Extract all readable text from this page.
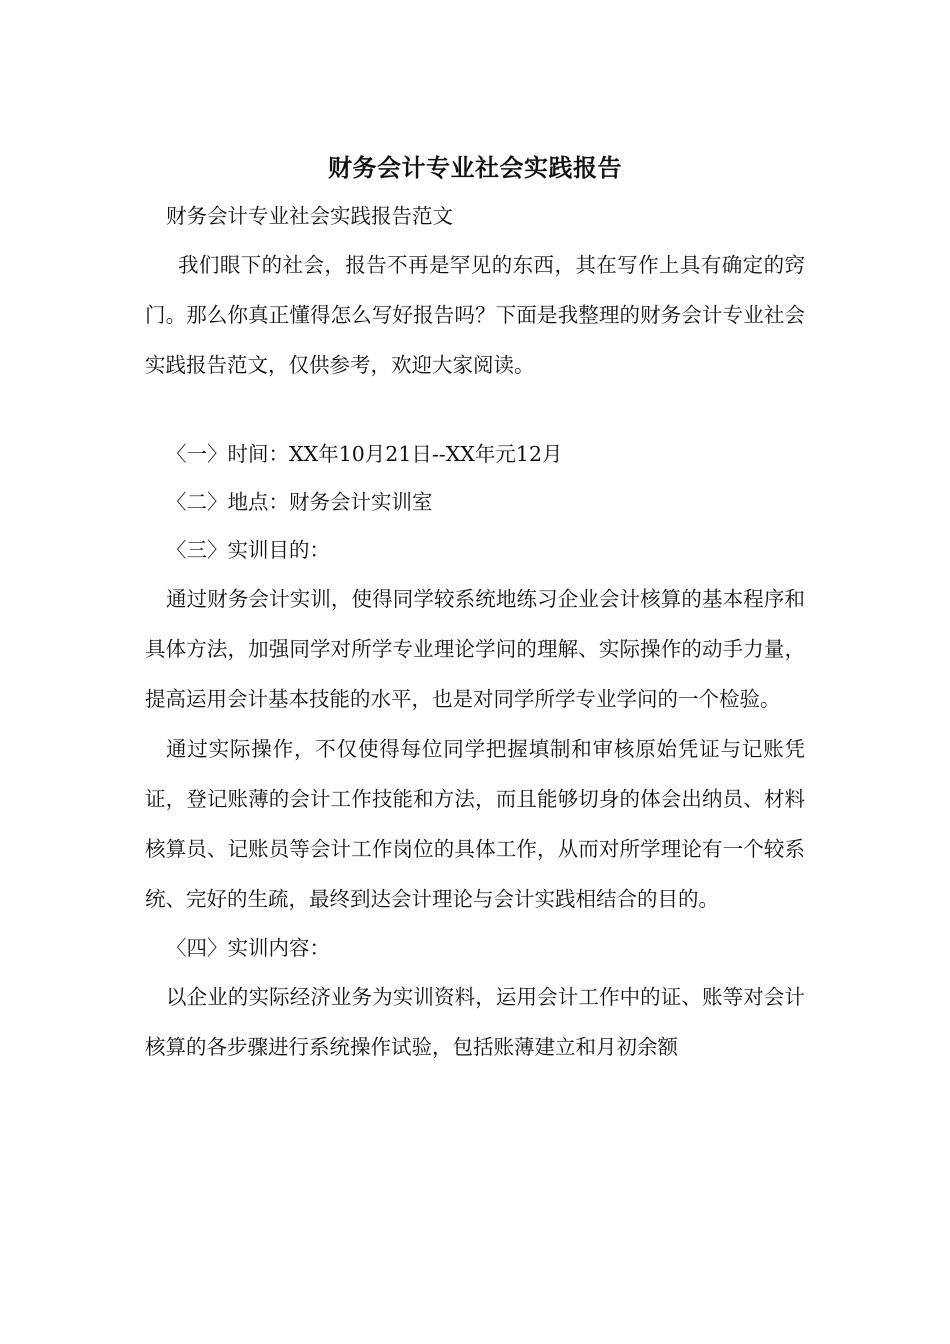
财务会计专业社会实践报告

财务会计专业社会实践报告范文

我们眼下的社会，报告不再是罕见的东西，其在写作上具有确定的窍门。那么你真正懂得怎么写好报告吗？下面是我整理的财务会计专业社会实践报告范文，仅供参考，欢迎大家阅读。

〈一〉时间：XX年10月21日--XX年元12月

〈二〉地点：财务会计实训室

〈三〉实训目的：

通过财务会计实训，使得同学较系统地练习企业会计核算的基本程序和具体方法，加强同学对所学专业理论学问的理解、实际操作的动手力量，提高运用会计基本技能的水平，也是对同学所学专业学问的一个检验。

通过实际操作，不仅使得每位同学把握填制和审核原始凭证与记账凭证，登记账薄的会计工作技能和方法，而且能够切身的体会出纳员、材料核算员、记账员等会计工作岗位的具体工作，从而对所学理论有一个较系统、完好的生疏，最终到达会计理论与会计实践相结合的目的。

〈四〉实训内容：

以企业的实际经济业务为实训资料，运用会计工作中的证、账等对会计核算的各步骤进行系统操作试验，包括账薄建立和月初余额
